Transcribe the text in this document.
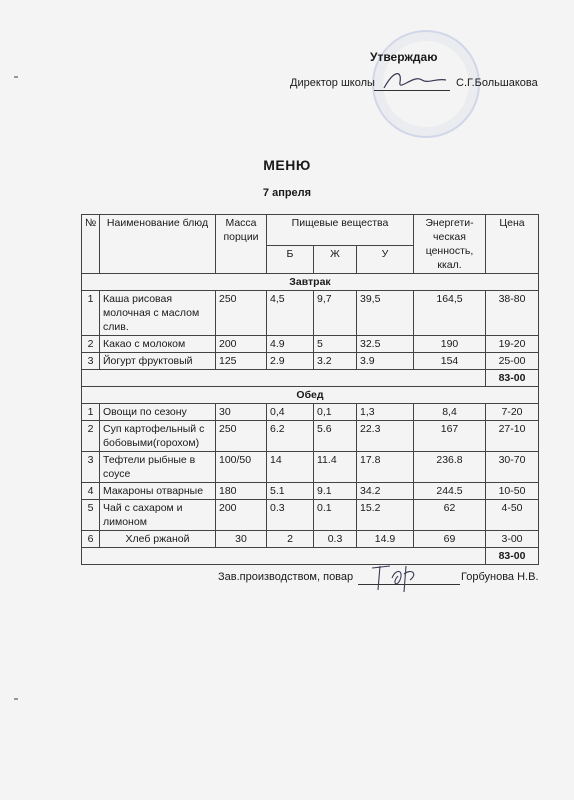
Утверждаю
Директор школы	С.Г.Большакова
МЕНЮ
7 апреля
№	Наименование блюд	Масса порции	Пищевые вещества			Энергети-ческая ценность, ккал.	Цена
			Б	Ж	У		
Завтрак							
1	Каша рисовая молочная с маслом слив.	250	4,5	9,7	39,5	164,5	38-80
2	Какао с молоком	200	4.9	5	32.5	190	19-20
3	Йогурт фруктовый	125	2.9	3.2	3.9	154	25-00
							83-00
Обед							
1	Овощи по сезону	30	0,4	0,1	1,3	8,4	7-20
2	Суп картофельный с бобовыми(горохом)	250	6.2	5.6	22.3	167	27-10
3	Тефтели рыбные в соусе	100/50	14	11.4	17.8	236.8	30-70
4	Макароны отварные	180	5.1	9.1	34.2	244.5	10-50
5	Чай с сахаром и лимоном	200	0.3	0.1	15.2	62	4-50
6	Хлеб ржаной	30	2	0.3	14.9	69	3-00
							83-00
Зав.производством, повар	Горбунова Н.В.
